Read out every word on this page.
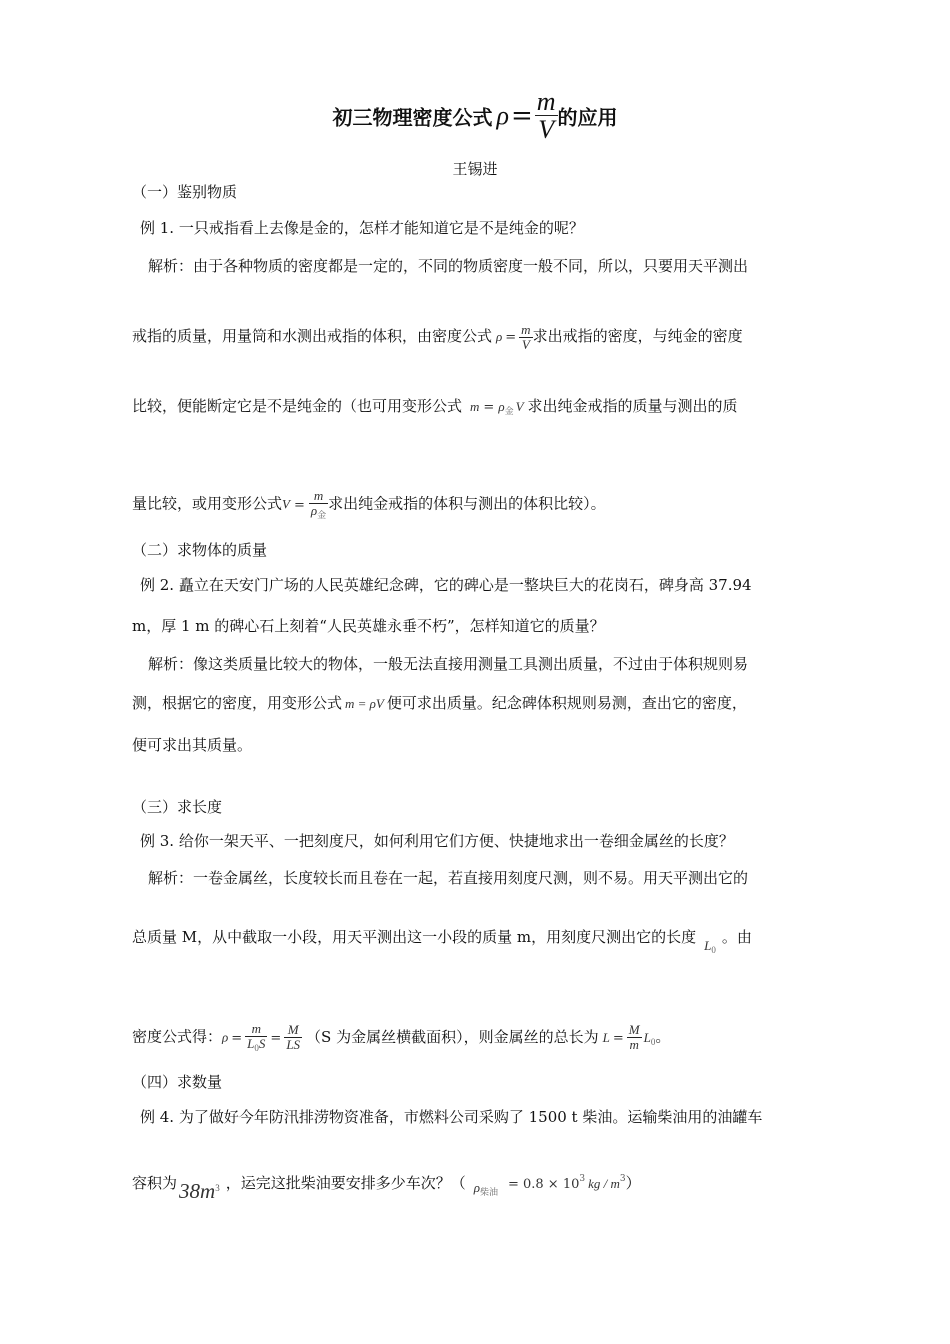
初三物理密度公式 $\rho= \frac{m}{V}$ 的应用
王锡进
（一）鉴别物质
例 1. 一只戒指看上去像是金的，怎样才能知道它是不是纯金的呢？
解析：由于各种物质的密度都是一定的，不同的物质密度一般不同，所以，只要用天平测出
戒指的质量，用量筒和水测出戒指的体积，由密度公式 $\rho = \frac{m}{V}$ 求出戒指的密度，与纯金的密度
比较，便能断定它是不是纯金的（也可用变形公式 $m = \rho_金$ V 求出纯金戒指的质量与测出的质
量比较，或用变形公式$V = \frac{m}{\rho_金}$ 求出纯金戒指的体积与测出的体积比较）。
（二）求物体的质量
例 2. 矗立在天安门广场的人民英雄纪念碑，它的碑心是一整块巨大的花岗石，碑身高 37.94
m，厚 1 m 的碑心石上刻着“人民英雄永垂不朽”，怎样知道它的质量？
解析：像这类质量比较大的物体，一般无法直接用测量工具测出质量，不过由于体积规则易
测，根据它的密度，用变形公式 m = ρV 便可求出质量。纪念碑体积规则易测，查出它的密度，
便可求出其质量。
（三）求长度
例 3. 给你一架天平、一把刻度尺，如何利用它们方便、快捷地求出一卷细金属丝的长度？
解析：一卷金属丝，长度较长而且卷在一起，若直接用刻度尺测，则不易。用天平测出它的
总质量 M，从中截取一小段，用天平测出这一小段的质量 m，用刻度尺测出它的长度 $L_0$。由
密度公式得：$\rho = \frac{m}{L_0S} = \frac{M}{LS} (S$ 为金属丝横截面积），则金属丝的总长为 $L = \frac{M}{m} L_0$。
（四）求数量
例 4. 为了做好今年防汛排涝物资准备，市燃料公司采购了 1500 t 柴油。运输柴油用的油罐车
容积为$38m^3$ ，运完这批柴油要安排多少车次？（ $\rho_{柴油} = 0.8 \times 10^3$ kg / $m^3$）
